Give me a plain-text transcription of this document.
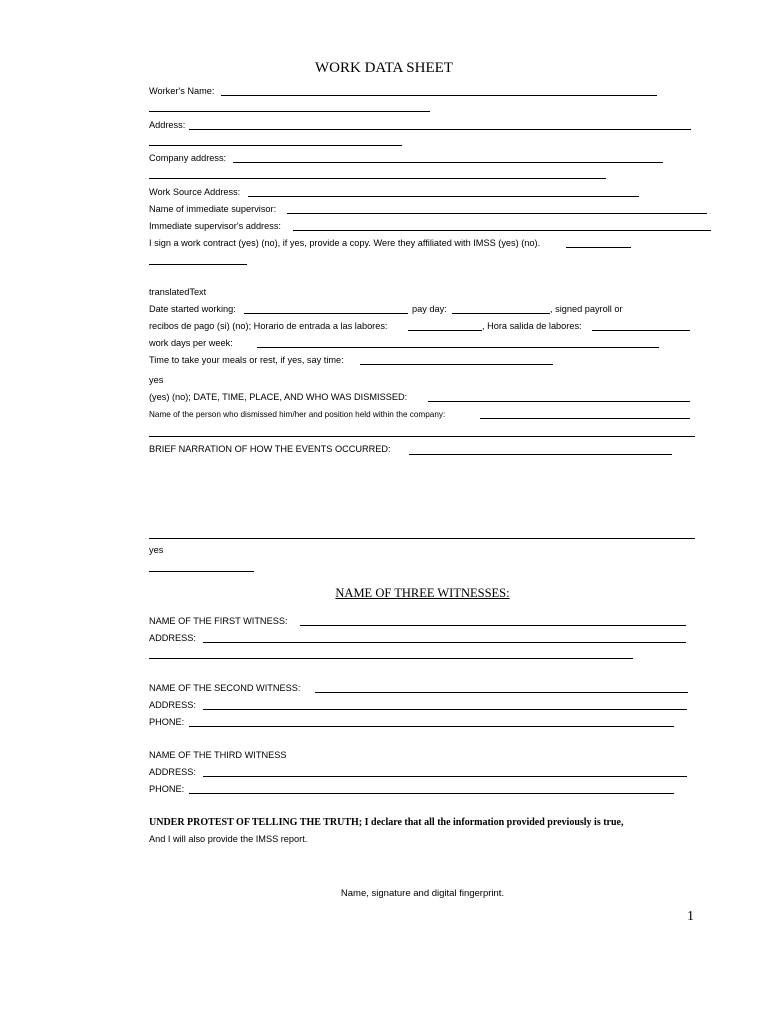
WORK DATA SHEET
Worker's Name:
Address:
Company address:
Work Source Address:
Name of immediate supervisor:
Immediate supervisor's address:
I sign a work contract (yes) (no), if yes, provide a copy. Were they affiliated with IMSS (yes) (no).
translatedText
Date started working:	pay day:	, signed payroll or
recibos de pago (si) (no); Horario de entrada a las labores:	, Hora salida de labores:
work days per week:
Time to take your meals or rest, if yes, say time:
yes
(yes) (no); DATE, TIME, PLACE, AND WHO WAS DISMISSED:
Name of the person who dismissed him/her and position held within the company:
BRIEF NARRATION OF HOW THE EVENTS OCCURRED:
yes
NAME OF THREE WITNESSES:
NAME OF THE FIRST WITNESS:
ADDRESS:
NAME OF THE SECOND WITNESS:
ADDRESS:
PHONE:
NAME OF THE THIRD WITNESS
ADDRESS:
PHONE:
UNDER PROTEST OF TELLING THE TRUTH; I declare that all the information provided previously is true,
And I will also provide the IMSS report.
Name, signature and digital fingerprint.
1
